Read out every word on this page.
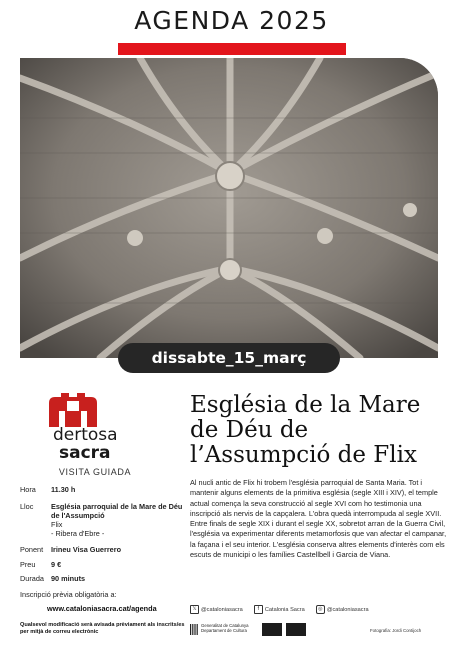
AGENDA 2025
dissabte_15_març
dertosa
sacra
VISITA GUIADA
Hora	11.30 h
Lloc	Església parroquial de la Mare de Déu de l'Assumpció
Flix
- Ribera d'Ebre -
Ponent	Irineu Visa Guerrero
Preu	9 €
Durada 90 minuts
Inscripció prèvia obligatòria a:
www.cataloniasacra.cat/agenda
Qualsevol modificació serà avisada prèviament als inscrits/es per mitjà de correu electrònic
Església de la Mare de Déu de l’Assumpció de Flix
Al nucli antic de Flix hi trobem l'església parroquial de Santa Maria. Tot i mantenir alguns elements de la primitiva església (segle XIII i XIV), el temple actual comença la seva construcció al segle XVI com ho testimonia una inscripció als nervis de la capçalera. L'obra quedà interrompuda al segle XVII. Entre finals de segle XIX i durant el segle XX, sobretot arran de la Guerra Civil, l'església va experimentar diferents metamorfosis que van afectar el campanar, la façana i el seu interior. L'església conserva altres elements d'interès com els escuts de municipi o les famílies Castellbell i Garcia de Viana.
𝕏 @cataloniasacra	f Catalonia Sacra	◎ @cataloniasacra
Generalitat de Catalunya Departament de Cultura	Fotografia: Jordi Contijoch
